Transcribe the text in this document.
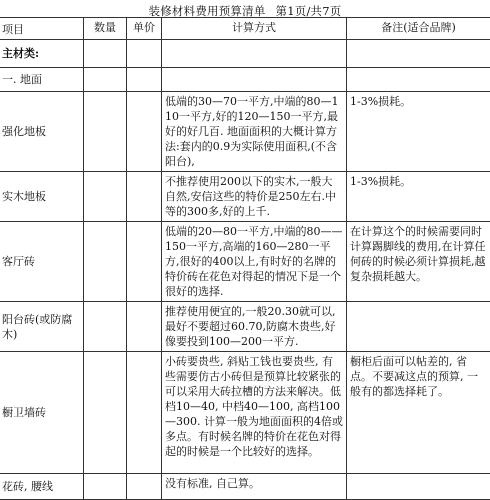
装修材料费用预算清单 第1页/共7页
项目	数量	单价	计算方式	备注(适合品牌)
主材类:				
一. 地面				
强化地板			低端的30—70一平方,中端的80—110一平方,好的120—150一平方,最好的好几百. 地面面积的大概计算方法:套内的0.9为实际使用面积,(不含阳台),	1-3%损耗。
实木地板			不推荐使用200以下的实木,一般大自然,安信这些的特价是250左右.中等的300多,好的上千.	1-3%损耗。
客厅砖			低端的20—80一平方,中端的80——150一平方,高端的160—280一平方,很好的400以上,有时好的名牌的特价砖在花色对得起的情况下是一个很好的选择.	在计算这个的时候需要同时计算踢脚线的费用,在计算任何砖的时候必须计算损耗,越复杂损耗越大。
阳台砖(或防腐木)			推荐使用便宜的,一般20.30就可以,最好不要超过60.70,防腐木贵些,好像要投到100—200一平方.	
橱卫墙砖			小砖要贵些, 斜贴工钱也要贵些, 有些需要仿古小砖但是预算比较紧张的可以采用大砖拉槽的方法来解决。低档10—40, 中档40—100, 高档100—300. 计算一般为地面面积的4倍或多点。有时候名牌的特价在花色对得起的时候是一个比较好的选择。	橱柜后面可以帖差的, 省点。不要减这点的预算, 一般有的都选择耗了。
花砖, 腰线			没有标准, 自己算。	
